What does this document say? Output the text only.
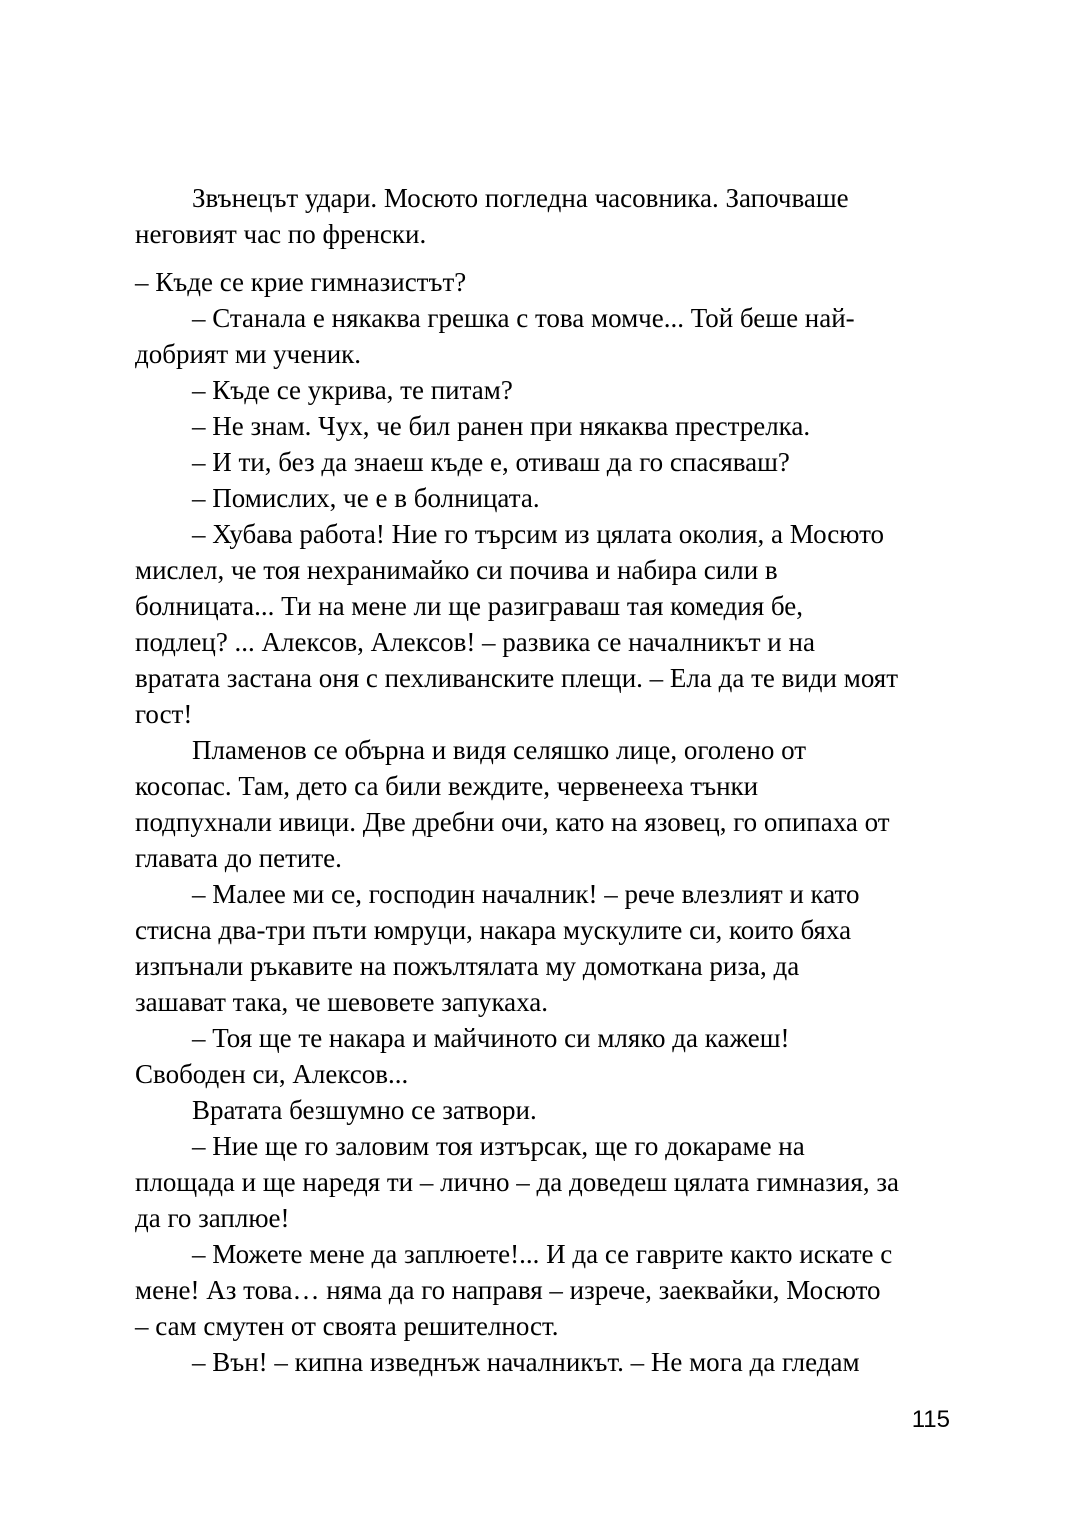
Звънецът удари. Мосюто погледна часовника. Започваше
неговият час по френски.
– Къде се крие гимназистът?
– Станала е някаква грешка с това момче... Той беше най-
добрият ми ученик.
– Къде се укрива, те питам?
– Не знам. Чух, че бил ранен при някаква престрелка.
– И ти, без да знаеш къде е, отиваш да го спасяваш?
– Помислих, че е в болницата.
– Хубава работа! Ние го търсим из цялата околия, а Мосюто
мислел, че тоя нехранимайко си почива и набира сили в
болницата... Ти на мене ли ще разиграваш тая комедия бе,
подлец? ... Алексов, Алексов! – развика се началникът и на
вратата застана оня с пехливанските плещи. – Ела да те види моят
гост!
Пламенов се обърна и видя селяшко лице, оголено от
косопас. Там, дето са били веждите, червенееха тънки
подпухнали ивици. Две дребни очи, като на язовец, го опипаха от
главата до петите.
– Малее ми се, господин началник! – рече влезлият и като
стисна два-три пъти юмруци, накара мускулите си, които бяха
изпънали ръкавите на пожълтялата му домоткана риза, да
зашават така, че шевовете запукаха.
– Тоя ще те накара и майчиното си мляко да кажеш!
Свободен си, Алексов...
Вратата безшумно се затвори.
– Ние ще го заловим тоя изтърсак, ще го докараме на
площада и ще наредя ти – лично – да доведеш цялата гимназия, за
да го заплюе!
– Можете мене да заплюете!... И да се гаврите както искате с
мене! Аз това… няма да го направя – изрече, заеквайки, Мосюто
– сам смутен от своята решителност.
– Вън! – кипна изведнъж началникът. – Не мога да гледам
115
